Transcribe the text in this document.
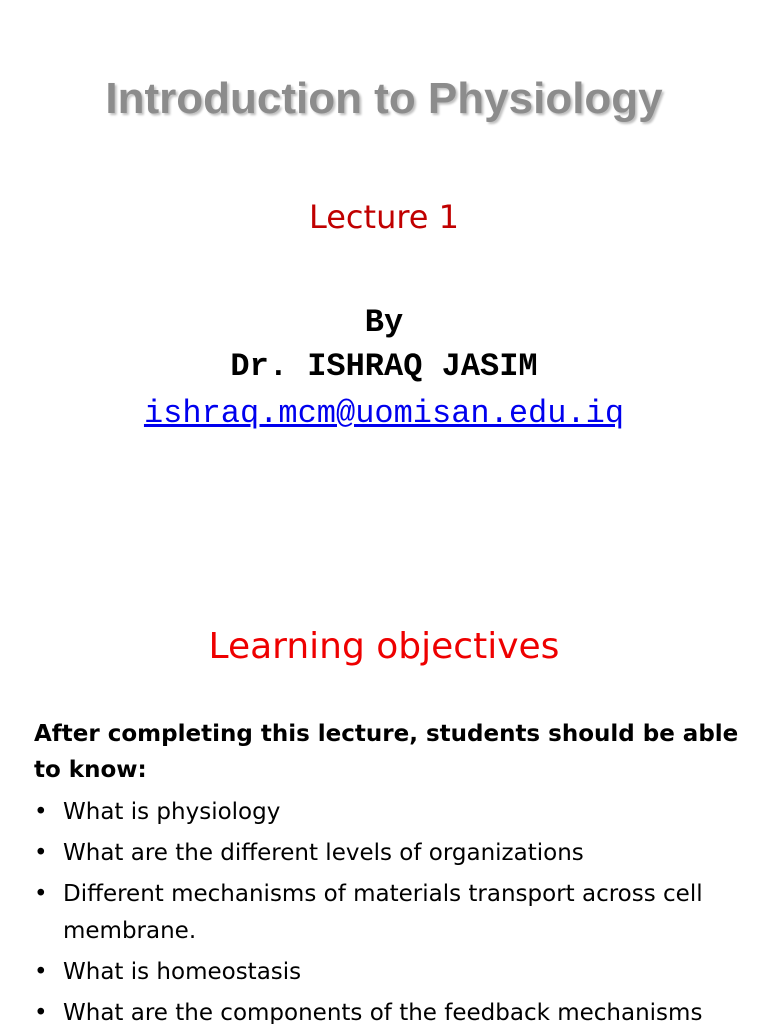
Introduction to Physiology
Lecture 1
By
Dr. ISHRAQ JASIM
ishraq.mcm@uomisan.edu.iq
Learning objectives
After completing this lecture, students should be able to know:
• What is physiology
• What are the different levels of organizations
• Different mechanisms of materials transport across cell membrane.
• What is homeostasis
• What are the components of the feedback mechanisms
